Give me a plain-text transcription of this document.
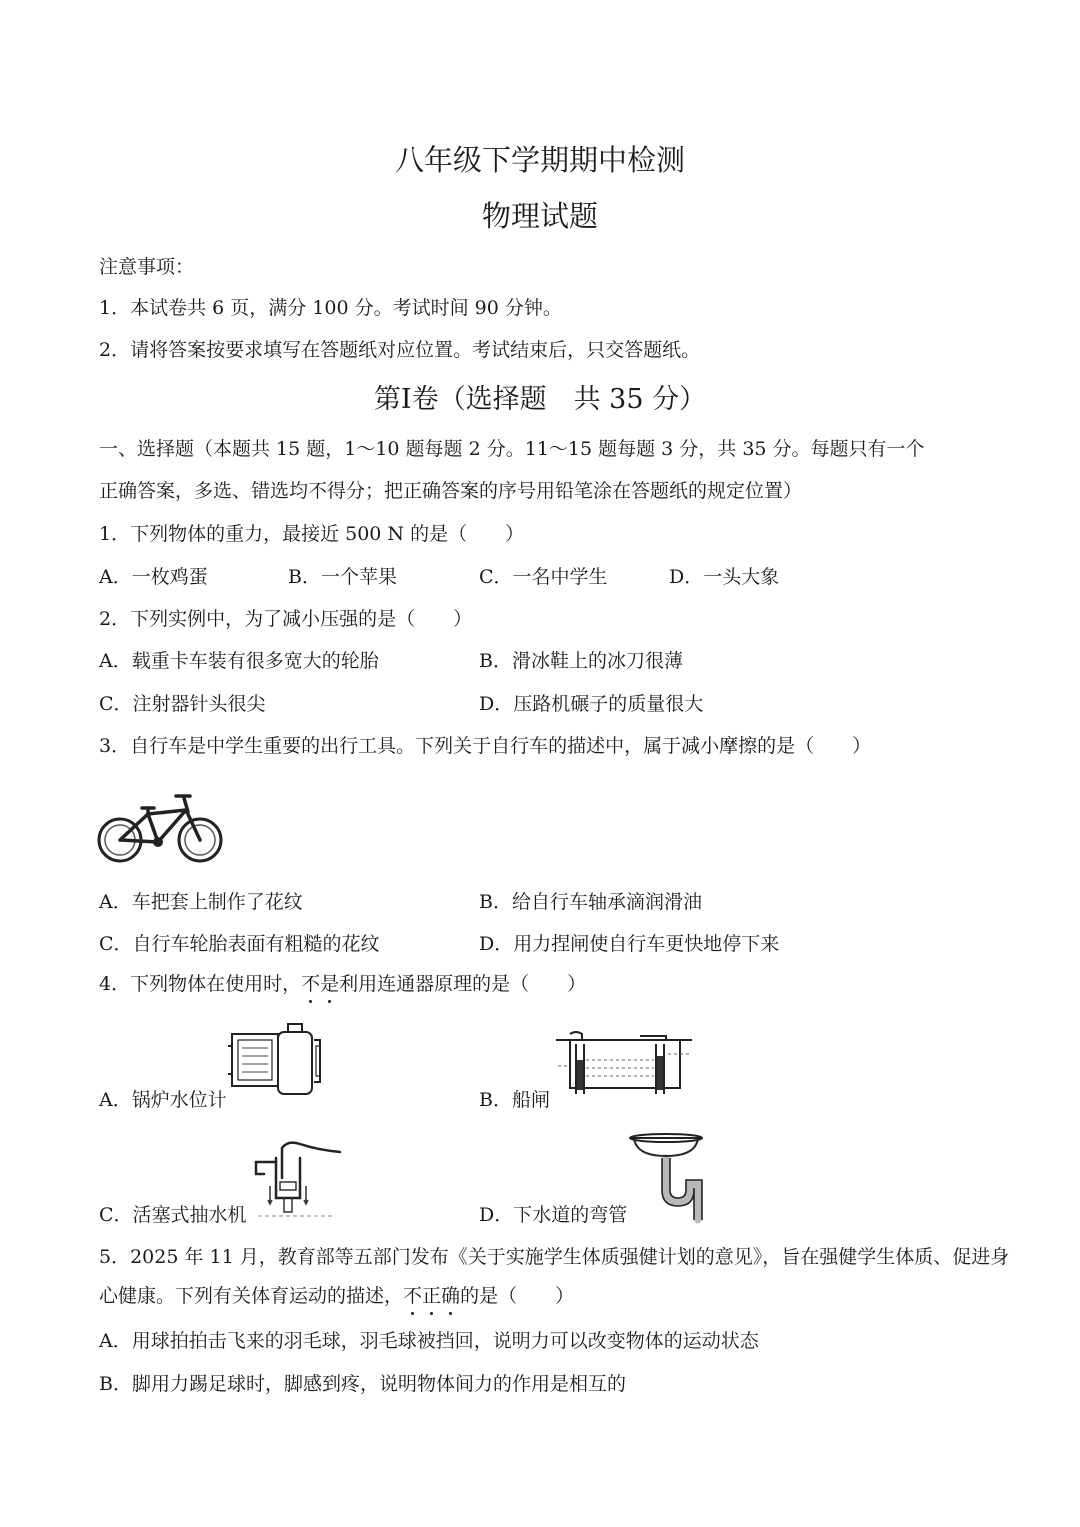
八年级下学期期中检测
物理试题
注意事项：
1．本试卷共 6 页，满分 100 分。考试时间 90 分钟。
2．请将答案按要求填写在答题纸对应位置。考试结束后，只交答题纸。
第Ⅰ卷（选择题　共 35 分）
一、选择题（本题共 15 题，1～10 题每题 2 分。11～15 题每题 3 分，共 35 分。每题只有一个
正确答案，多选、错选均不得分；把正确答案的序号用铅笔涂在答题纸的规定位置）
1．下列物体的重力，最接近 500 N 的是（　　）
A．一枚鸡蛋	B．一个苹果	C．一名中学生	D．一头大象
2．下列实例中，为了减小压强的是（　　）
A．载重卡车装有很多宽大的轮胎	B．滑冰鞋上的冰刀很薄
C．注射器针头很尖	D．压路机碾子的质量很大
3．自行车是中学生重要的出行工具。下列关于自行车的描述中，属于减小摩擦的是（　　）
A．车把套上制作了花纹	B．给自行车轴承滴润滑油
C．自行车轮胎表面有粗糙的花纹	D．用力捏闸使自行车更快地停下来
4．下列物体在使用时，不是利用连通器原理的是（　　）
A．锅炉水位计	B．船闸
C．活塞式抽水机	D．下水道的弯管
5．2025 年 11 月，教育部等五部门发布《关于实施学生体质强健计划的意见》，旨在强健学生体质、促进身
心健康。下列有关体育运动的描述，不正确的是（　　）
A．用球拍拍击飞来的羽毛球，羽毛球被挡回，说明力可以改变物体的运动状态
B．脚用力踢足球时，脚感到疼，说明物体间力的作用是相互的
